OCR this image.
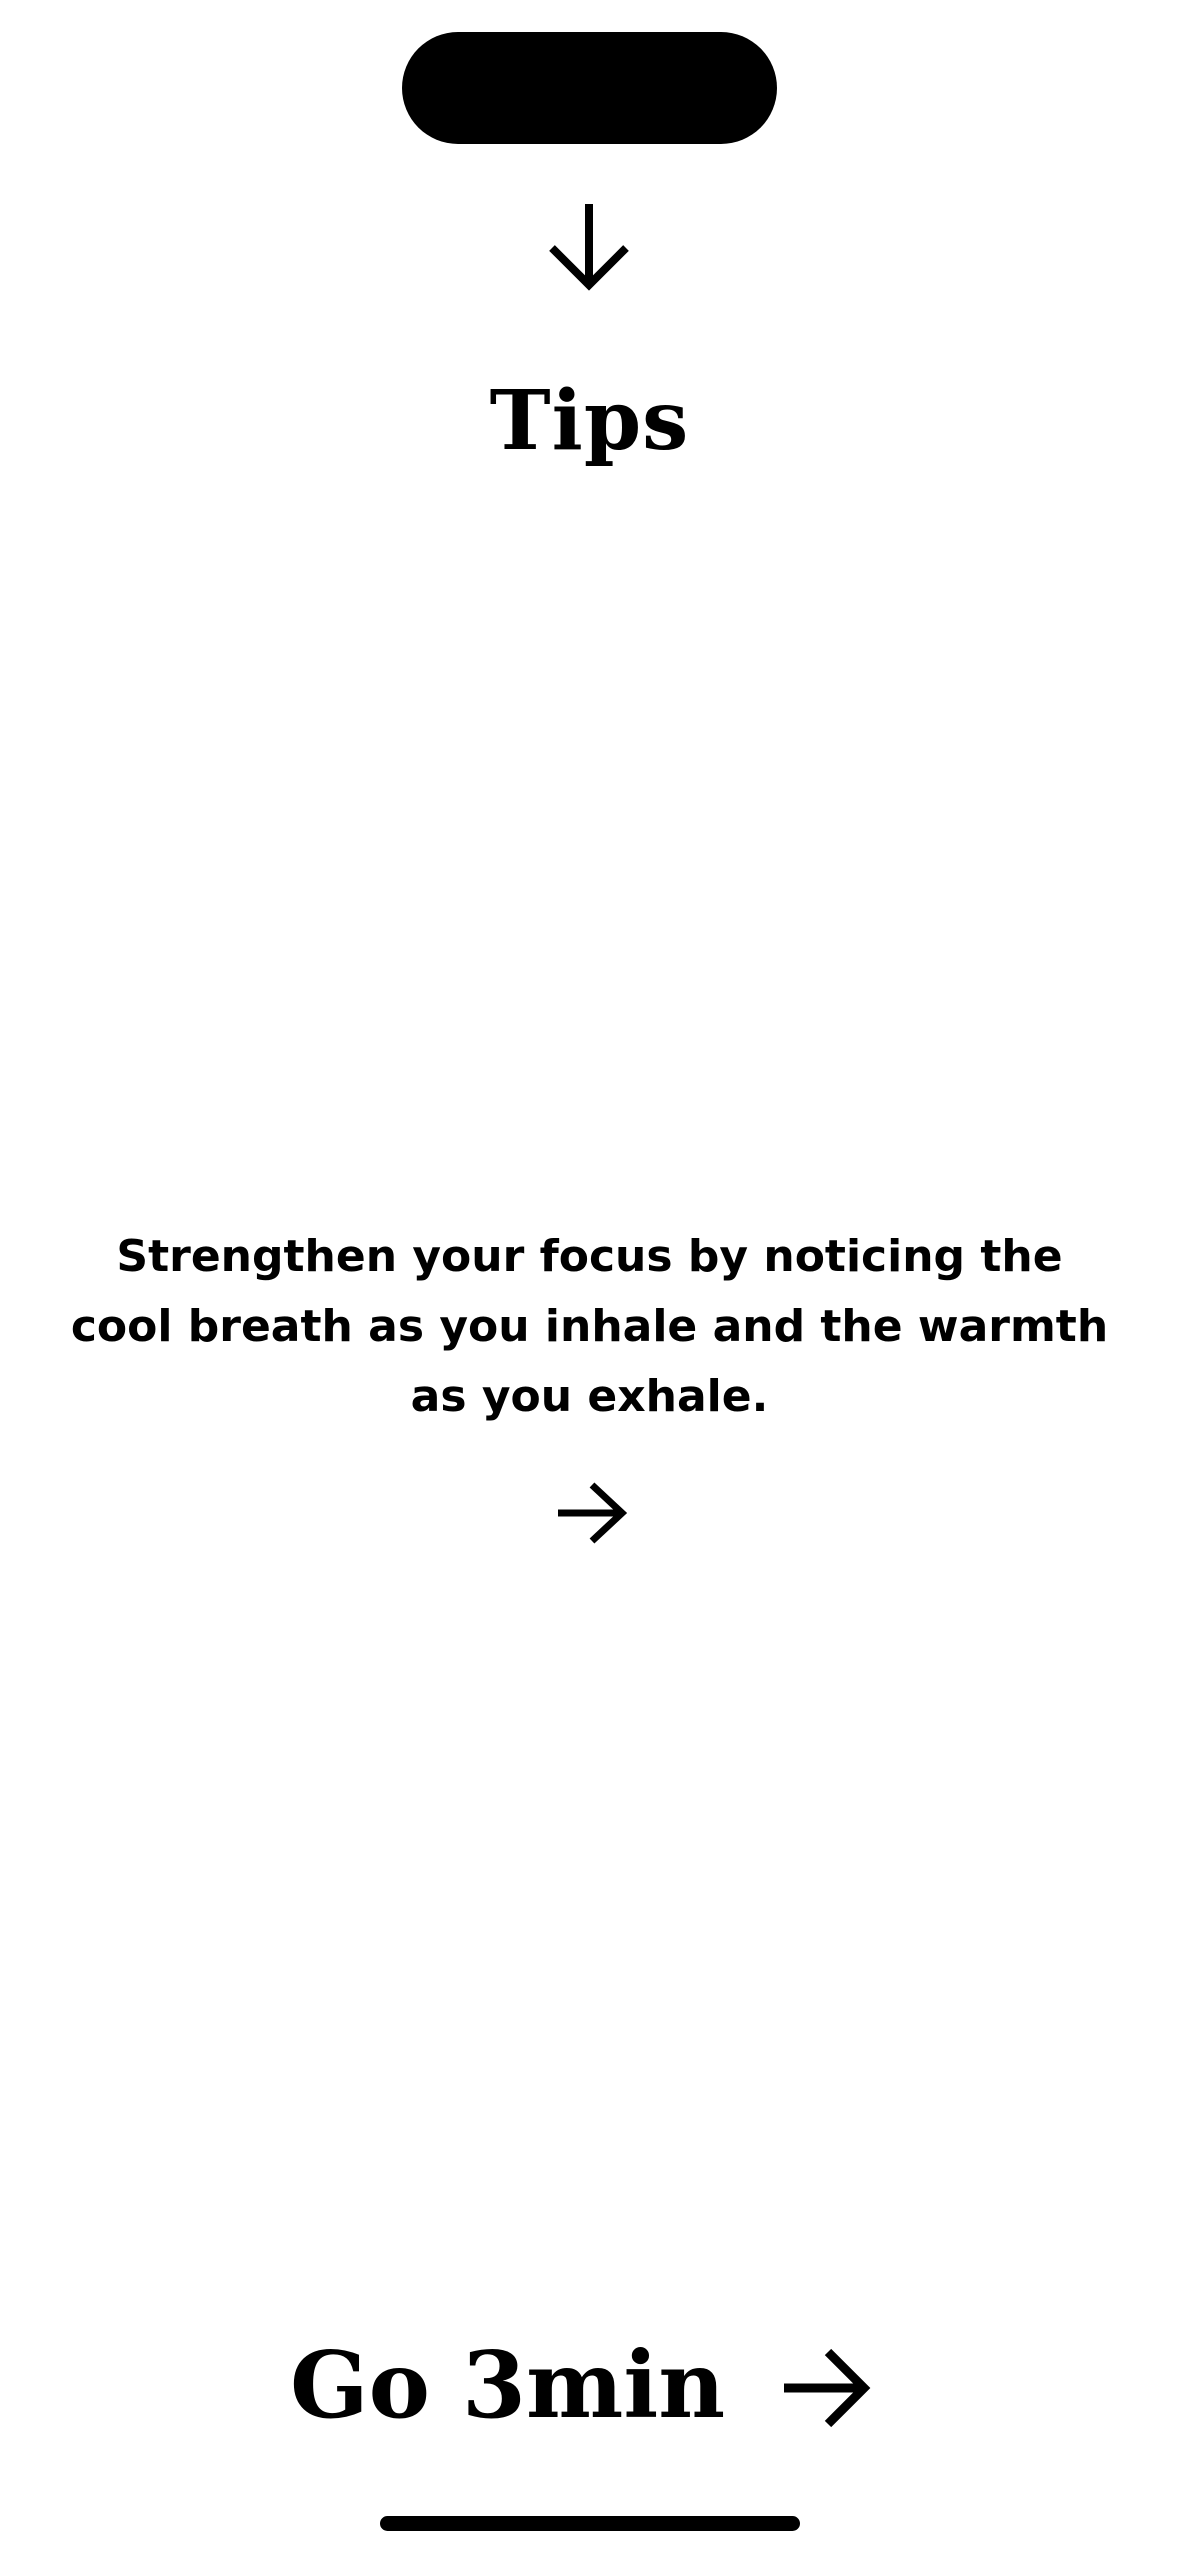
Tips
Strengthen your focus by noticing the cool breath as you inhale and the warmth as you exhale.
Go 3min
